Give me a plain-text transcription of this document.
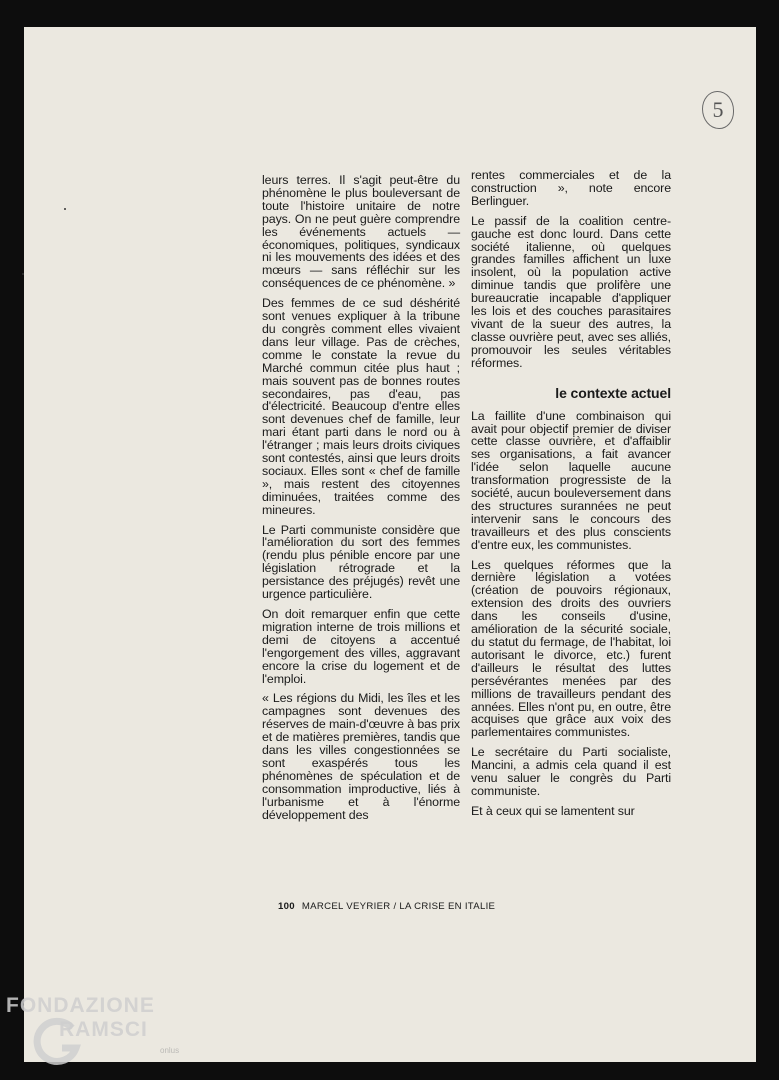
5

leurs terres. Il s'agit peut-être du phénomène le plus bouleversant de toute l'histoire unitaire de notre pays. On ne peut guère comprendre les événements actuels — économiques, politiques, syndicaux ni les mouvements des idées et des mœurs — sans réfléchir sur les conséquences de ce phénomène. »

Des femmes de ce sud déshérité sont venues expliquer à la tribune du congrès comment elles vivaient dans leur village. Pas de crèches, comme le constate la revue du Marché commun citée plus haut ; mais souvent pas de bonnes routes secondaires, pas d'eau, pas d'électricité. Beaucoup d'entre elles sont devenues chef de famille, leur mari étant parti dans le nord ou à l'étranger ; mais leurs droits civiques sont contestés, ainsi que leurs droits sociaux. Elles sont « chef de famille », mais restent des citoyennes diminuées, traitées comme des mineures.

Le Parti communiste considère que l'amélioration du sort des femmes (rendu plus pénible encore par une législation rétrograde et la persistance des préjugés) revêt une urgence particulière.

On doit remarquer enfin que cette migration interne de trois millions et demi de citoyens a accentué l'engorgement des villes, aggravant encore la crise du logement et de l'emploi.

« Les régions du Midi, les îles et les campagnes sont devenues des réserves de main-d'œuvre à bas prix et de matières premières, tandis que dans les villes congestionnées se sont exaspérés tous les phénomènes de spéculation et de consommation improductive, liés à l'urbanisme et à l'énorme développement des

rentes commerciales et de la construction », note encore Berlinguer.

Le passif de la coalition centre-gauche est donc lourd. Dans cette société italienne, où quelques grandes familles affichent un luxe insolent, où la population active diminue tandis que prolifère une bureaucratie incapable d'appliquer les lois et des couches parasitaires vivant de la sueur des autres, la classe ouvrière peut, avec ses alliés, promouvoir les seules véritables réformes.

le contexte actuel

La faillite d'une combinaison qui avait pour objectif premier de diviser cette classe ouvrière, et d'affaiblir ses organisations, a fait avancer l'idée selon laquelle aucune transformation progressiste de la société, aucun bouleversement dans des structures surannées ne peut intervenir sans le concours des travailleurs et des plus conscients d'entre eux, les communistes.

Les quelques réformes que la dernière législation a votées (création de pouvoirs régionaux, extension des droits des ouvriers dans les conseils d'usine, amélioration de la sécurité sociale, du statut du fermage, de l'habitat, loi autorisant le divorce, etc.) furent d'ailleurs le résultat des luttes persévérantes menées par des millions de travailleurs pendant des années. Elles n'ont pu, en outre, être acquises que grâce aux voix des parlementaires communistes.

Le secrétaire du Parti socialiste, Mancini, a admis cela quand il est venu saluer le congrès du Parti communiste.

Et à ceux qui se lamentent sur

100 MARCEL VEYRIER / LA CRISE EN ITALIE
FONDAZIONE
RAMSCI
onlus
